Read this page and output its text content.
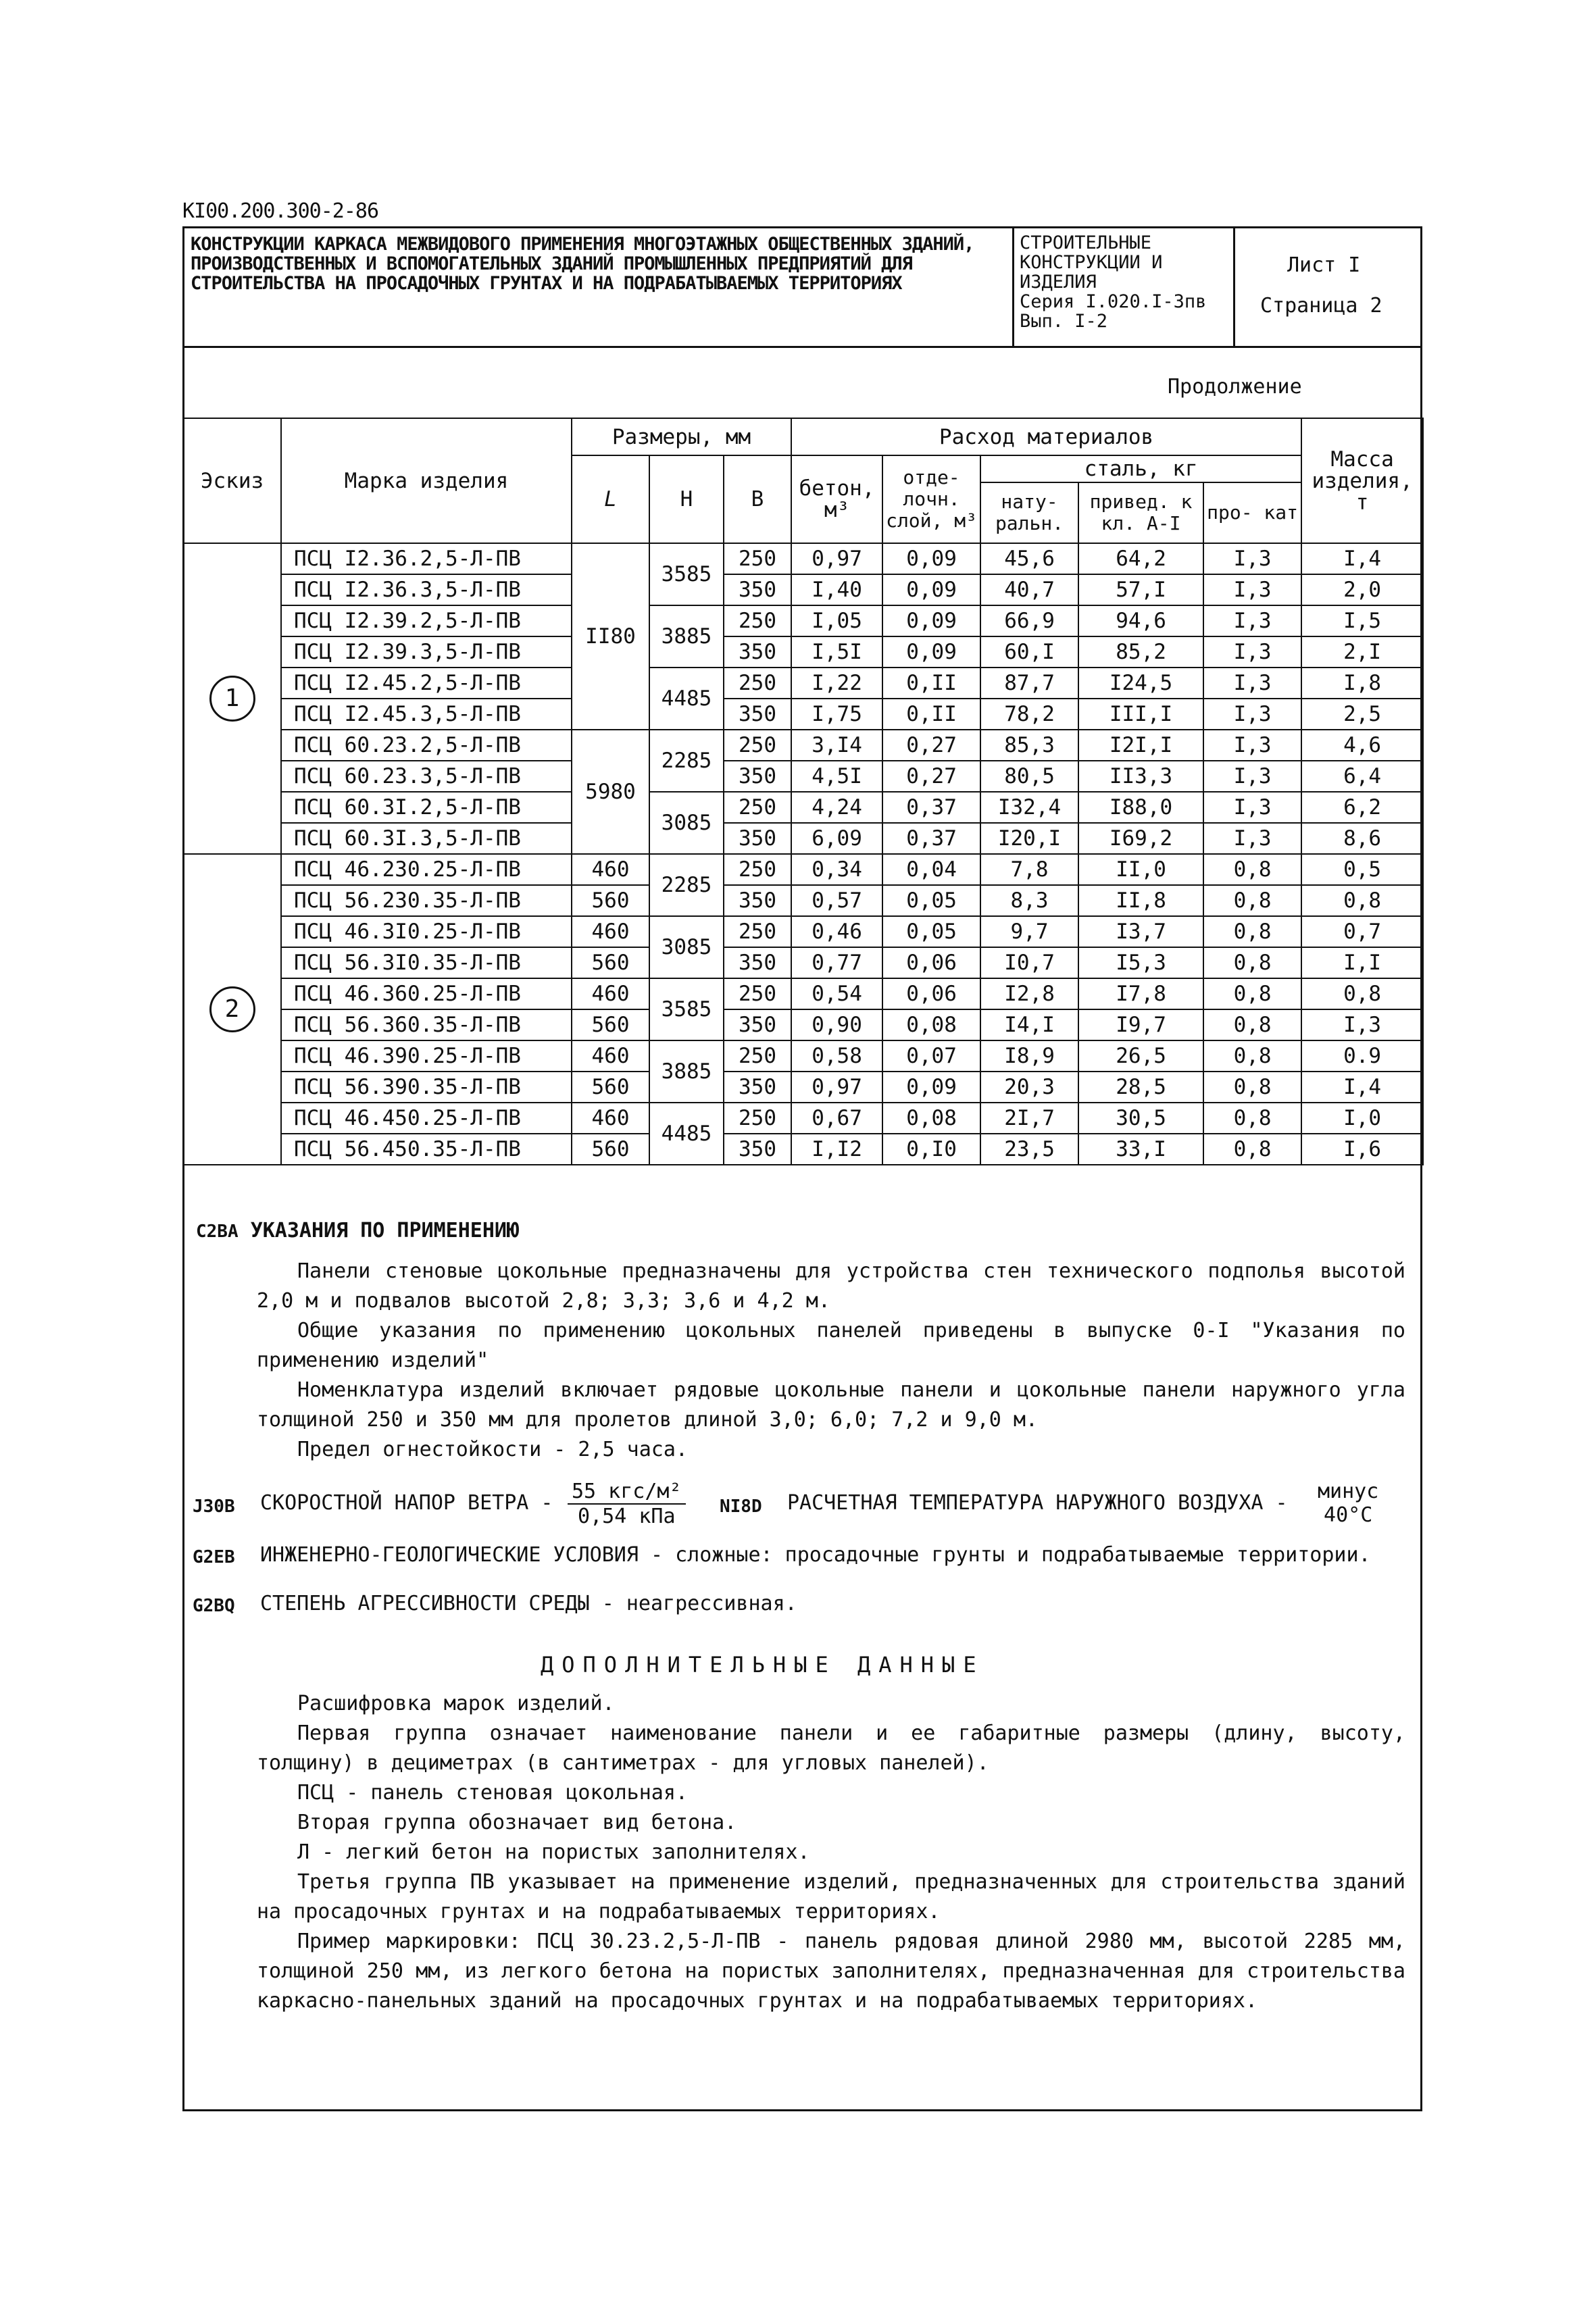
KI00.200.300-2-86
КОНСТРУКЦИИ КАРКАСА МЕЖВИДОВОГО ПРИМЕНЕНИЯ МНОГОЭТАЖНЫХ ОБЩЕСТВЕННЫХ ЗДАНИЙ, ПРОИЗВОДСТВЕННЫХ И ВСПОМОГАТЕЛЬНЫХ ЗДАНИЙ ПРОМЫШЛЕННЫХ ПРЕДПРИЯТИЙ ДЛЯ СТРОИТЕЛЬСТВА НА ПРОСАДОЧНЫХ ГРУНТАХ И НА ПОДРАБАТЫВАЕМЫХ ТЕРРИТОРИЯХ
СТРОИТЕЛЬНЫЕ
КОНСТРУКЦИИ И
ИЗДЕЛИЯ
Серия I.020.I-3пв
Вып. I-2
Лист I
Страница 2
Продолжение
Эскиз	Марка изделия	Размеры, мм			Расход материалов					Масса изделия, т
		L	H	B	бетон, м³	отде- лочн. слой, м³	сталь, кг			
							нату- ральн.	привед. к кл. А-I	про- кат	
1	ПСЦ I2.36.2,5-Л-ПВ	II80	3585	250	0,97	0,09	45,6	64,2	I,3	I,4
	ПСЦ I2.36.3,5-Л-ПВ			350	I,40	0,09	40,7	57,I	I,3	2,0
	ПСЦ I2.39.2,5-Л-ПВ		3885	250	I,05	0,09	66,9	94,6	I,3	I,5
	ПСЦ I2.39.3,5-Л-ПВ			350	I,5I	0,09	60,I	85,2	I,3	2,I
	ПСЦ I2.45.2,5-Л-ПВ		4485	250	I,22	0,II	87,7	I24,5	I,3	I,8
	ПСЦ I2.45.3,5-Л-ПВ			350	I,75	0,II	78,2	III,I	I,3	2,5
	ПСЦ 60.23.2,5-Л-ПВ	5980	2285	250	3,I4	0,27	85,3	I2I,I	I,3	4,6
	ПСЦ 60.23.3,5-Л-ПВ			350	4,5I	0,27	80,5	II3,3	I,3	6,4
	ПСЦ 60.3I.2,5-Л-ПВ		3085	250	4,24	0,37	I32,4	I88,0	I,3	6,2
	ПСЦ 60.3I.3,5-Л-ПВ			350	6,09	0,37	I20,I	I69,2	I,3	8,6
2	ПСЦ 46.230.25-Л-ПВ	460	2285	250	0,34	0,04	7,8	II,0	0,8	0,5
	ПСЦ 56.230.35-Л-ПВ	560		350	0,57	0,05	8,3	II,8	0,8	0,8
	ПСЦ 46.3I0.25-Л-ПВ	460	3085	250	0,46	0,05	9,7	I3,7	0,8	0,7
	ПСЦ 56.3I0.35-Л-ПВ	560		350	0,77	0,06	I0,7	I5,3	0,8	I,I
	ПСЦ 46.360.25-Л-ПВ	460	3585	250	0,54	0,06	I2,8	I7,8	0,8	0,8
	ПСЦ 56.360.35-Л-ПВ	560		350	0,90	0,08	I4,I	I9,7	0,8	I,3
	ПСЦ 46.390.25-Л-ПВ	460	3885	250	0,58	0,07	I8,9	26,5	0,8	0.9
	ПСЦ 56.390.35-Л-ПВ	560		350	0,97	0,09	20,3	28,5	0,8	I,4
	ПСЦ 46.450.25-Л-ПВ	460	4485	250	0,67	0,08	2I,7	30,5	0,8	I,0
	ПСЦ 56.450.35-Л-ПВ	560		350	I,I2	0,I0	23,5	33,I	0,8	I,6
C2BA УКАЗАНИЯ ПО ПРИМЕНЕНИЮ
Панели стеновые цокольные предназначены для устройства стен технического подполья высотой 2,0 м и подвалов высотой 2,8; 3,3; 3,6 и 4,2 м.
Общие указания по применению цокольных панелей приведены в выпуске 0-I "Указания по применению изделий"
Номенклатура изделий включает рядовые цокольные панели и цокольные панели наружного угла толщиной 250 и 350 мм для пролетов длиной 3,0; 6,0; 7,2 и 9,0 м.
Предел огнестойкости - 2,5 часа.
J30B СКОРОСТНОЙ НАПОР ВЕТРА - 55 кгс/м²
0,54 кПа	NI8D РАСЧЕТНАЯ ТЕМПЕРАТУРА НАРУЖНОГО ВОЗДУХА - минус
40°C
G2EB ИНЖЕНЕРНО-ГЕОЛОГИЧЕСКИЕ УСЛОВИЯ - сложные: просадочные грунты и подрабатываемые территории.
G2BQ СТЕПЕНЬ АГРЕССИВНОСТИ СРЕДЫ - неагрессивная.
ДОПОЛНИТЕЛЬНЫЕ ДАННЫЕ
Расшифровка марок изделий.
Первая группа означает наименование панели и ее габаритные размеры (длину, высоту, толщину) в дециметрах (в сантиметрах - для угловых панелей).
ПСЦ - панель стеновая цокольная.
Вторая группа обозначает вид бетона.
Л - легкий бетон на пористых заполнителях.
Третья группа ПВ указывает на применение изделий, предназначенных для строительства зданий на просадочных грунтах и на подрабатываемых территориях.
Пример маркировки: ПСЦ 30.23.2,5-Л-ПВ - панель рядовая длиной 2980 мм, высотой 2285 мм, толщиной 250 мм, из легкого бетона на пористых заполнителях, предназначенная для строительства каркасно-панельных зданий на просадочных грунтах и на подрабатываемых территориях.
